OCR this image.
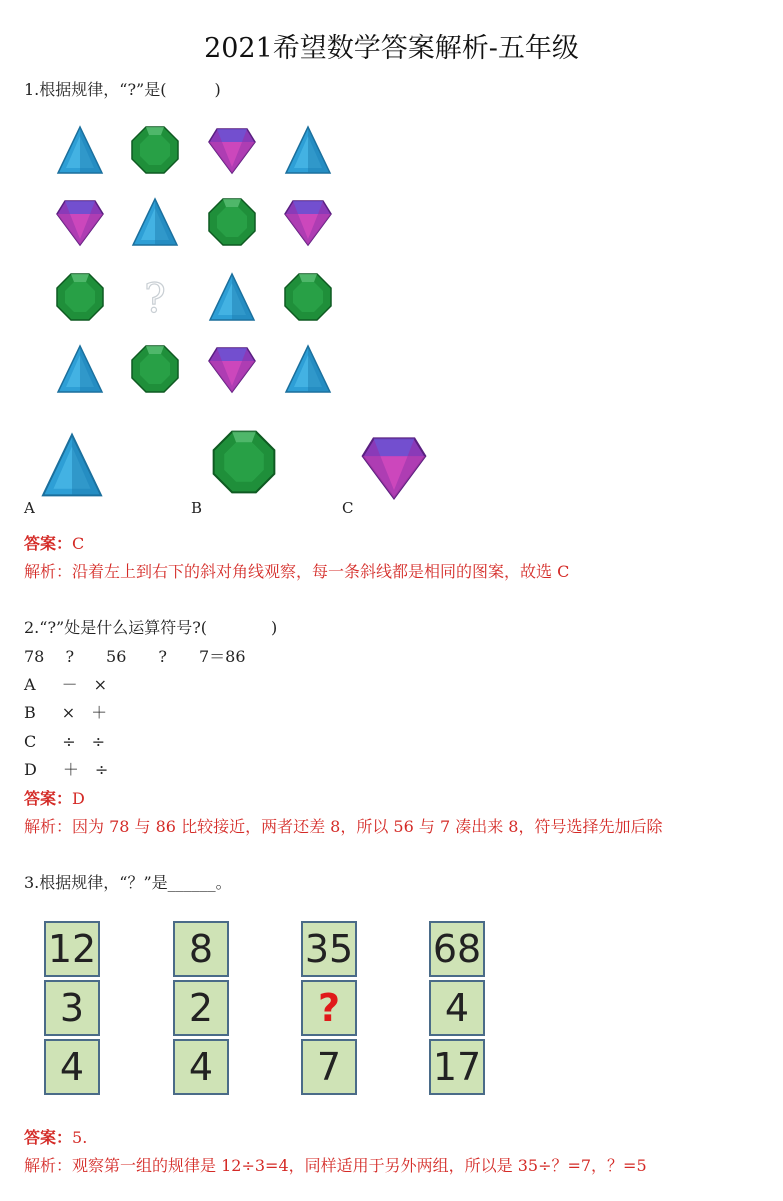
2021希望数学答案解析-五年级
1.根据规律，“?”是(　　　)
?
A	B	C
答案：C
解析：沿着左上到右下的斜对角线观察，每一条斜线都是相同的图案，故选 C
2.“?”处是什么运算符号?(　　　　)
78　 ?　　56　　?　　7＝86
A －　×
B ×　＋
C ÷　÷
D ＋　÷
答案：D
解析：因为 78 与 86 比较接近，两者还差 8，所以 56 与 7 凑出来 8，符号选择先加后除
3.根据规律，“？”是______。
12
3
4
8
2
4
35
?
7
68
4
17
答案：5.
解析：观察第一组的规律是 12÷3=4，同样适用于另外两组，所以是 35÷？=7，？=5
